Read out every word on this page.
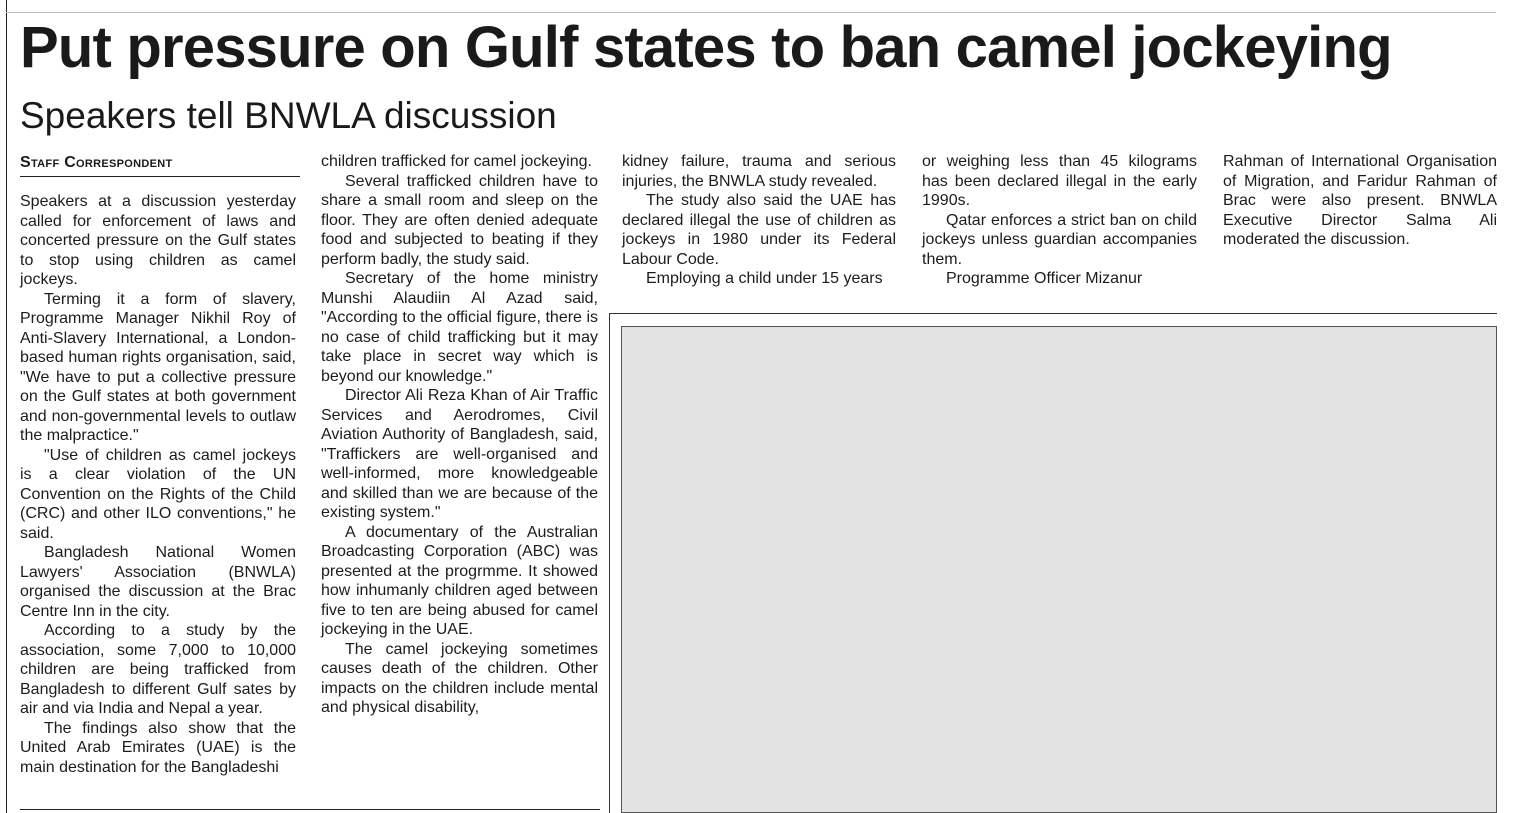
Put pressure on Gulf states to ban camel jockeying
Speakers tell BNWLA discussion
Staff Correspondent

Speakers at a discussion yesterday called for enforcement of laws and concerted pressure on the Gulf states to stop using children as camel jockeys.

Terming it a form of slavery, Programme Manager Nikhil Roy of Anti-Slavery International, a London-based human rights organisation, said, "We have to put a collective pressure on the Gulf states at both government and non-governmental levels to outlaw the malpractice."

"Use of children as camel jockeys is a clear violation of the UN Convention on the Rights of the Child (CRC) and other ILO conventions," he said.

Bangladesh National Women Lawyers' Association (BNWLA) organised the discussion at the Brac Centre Inn in the city.

According to a study by the association, some 7,000 to 10,000 children are being trafficked from Bangladesh to different Gulf sates by air and via India and Nepal a year.

The findings also show that the United Arab Emirates (UAE) is the main destination for the Bangladeshi

children trafficked for camel jockeying.

Several trafficked children have to share a small room and sleep on the floor. They are often denied adequate food and subjected to beating if they perform badly, the study said.

Secretary of the home ministry Munshi Alaudiin Al Azad said, "According to the official figure, there is no case of child trafficking but it may take place in secret way which is beyond our knowledge."

Director Ali Reza Khan of Air Traffic Services and Aerodromes, Civil Aviation Authority of Bangladesh, said, "Traffickers are well-organised and well-informed, more knowledgeable and skilled than we are because of the existing system."

A documentary of the Australian Broadcasting Corporation (ABC) was presented at the progrmme. It showed how inhumanly children aged between five to ten are being abused for camel jockeying in the UAE.

The camel jockeying sometimes causes death of the children. Other impacts on the children include mental and physical disability,

kidney failure, trauma and serious injuries, the BNWLA study revealed.

The study also said the UAE has declared illegal the use of children as jockeys in 1980 under its Federal Labour Code.

Employing a child under 15 years

or weighing less than 45 kilograms has been declared illegal in the early 1990s.

Qatar enforces a strict ban on child jockeys unless guardian accompanies them.

Programme Officer Mizanur

Rahman of International Organisation of Migration, and Faridur Rahman of Brac were also present. BNWLA Executive Director Salma Ali moderated the discussion.
